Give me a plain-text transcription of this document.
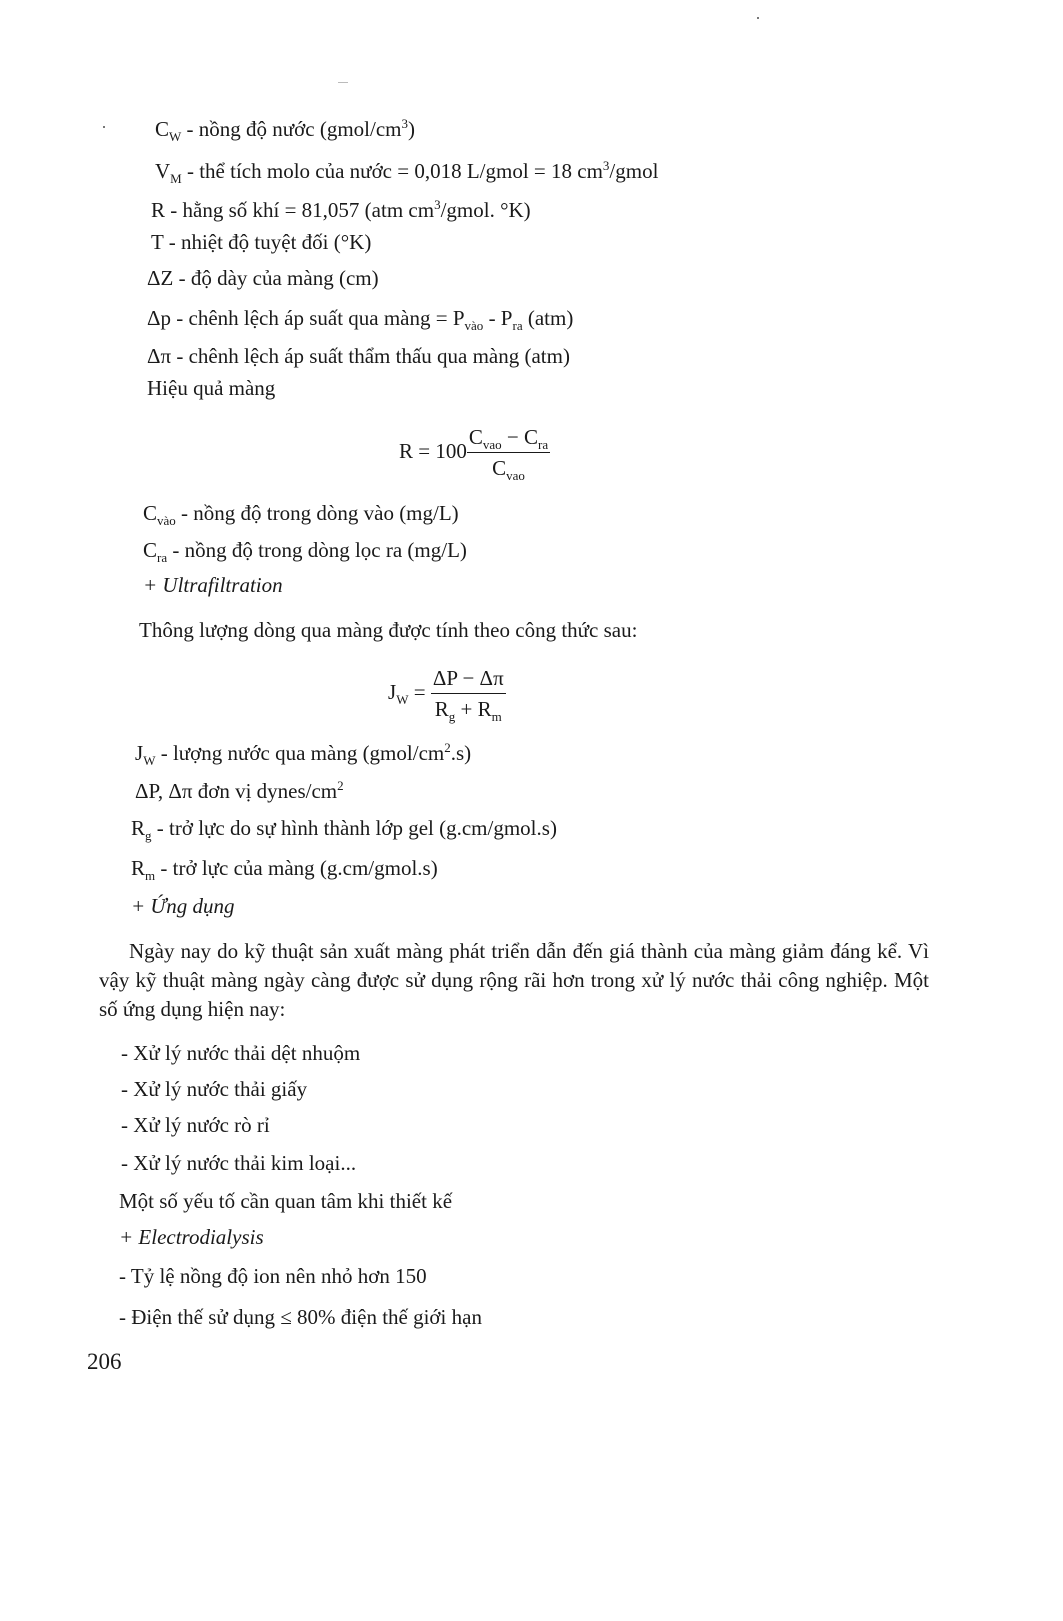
$C_W$ - nồng độ nước $(gmol/cm^3)$
$V_M$ - thể tích molo của nước = 0,018 L/gmol = 18 $cm^3$/gmol
R - hằng số khí = 81,057 (atm $cm^3$/gmol. °K)
T - nhiệt độ tuyệt đối (°K)
ΔZ - độ dày của màng (cm)
Δp - chênh lệch áp suất qua màng = $P_{vào} - P_{ra}$ (atm)
Δπ - chênh lệch áp suất thẩm thấu qua màng (atm)
Hiệu quả màng
$R = 100 \frac{C_{vao} - C_{ra}}{C_{vao}}$
$C_{vào}$ - nồng độ trong dòng vào (mg/L)
$C_{ra}$ - nồng độ trong dòng lọc ra (mg/L)
+ Ultrafiltration
Thông lượng dòng qua màng được tính theo công thức sau:
$J_W = \frac{\Delta P - \Delta\pi}{R_g + R_m}$
$J_W$ - lượng nước qua màng $(gmol/cm^2.s)$
ΔP, Δπ đơn vị dynes/$cm^2$
$R_g$ - trở lực do sự hình thành lớp gel (g.cm/gmol.s)
$R_m$ - trở lực của màng (g.cm/gmol.s)
+ Ứng dụng
Ngày nay do kỹ thuật sản xuất màng phát triển dẫn đến giá thành của màng giảm đáng kể. Vì vậy kỹ thuật màng ngày càng được sử dụng rộng rãi hơn trong xử lý nước thải công nghiệp. Một số ứng dụng hiện nay:
- Xử lý nước thải dệt nhuộm
- Xử lý nước thải giấy
- Xử lý nước rò rỉ
- Xử lý nước thải kim loại...
Một số yếu tố cần quan tâm khi thiết kế
+ Electrodialysis
- Tỷ lệ nồng độ ion nên nhỏ hơn 150
- Điện thế sử dụng ≤ 80% điện thế giới hạn
206
